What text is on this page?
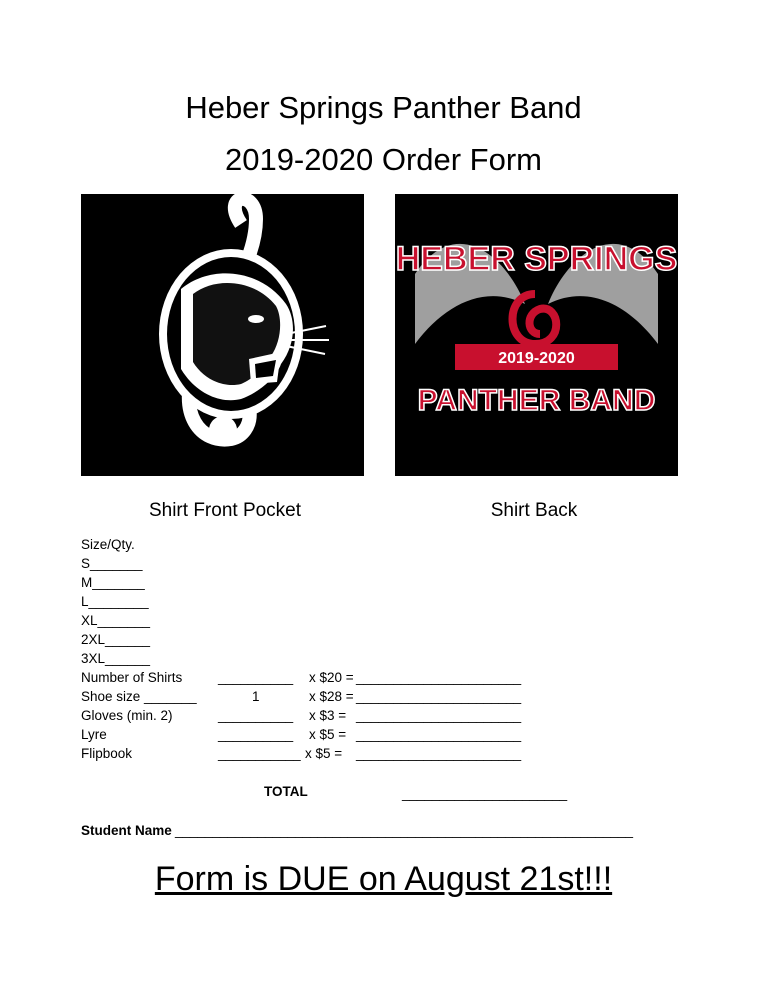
Heber Springs Panther Band
2019-2020 Order Form
HEBER SPRINGS
2019-2020
PANTHER BAND
Shirt Front Pocket	Shirt Back
Size/Qty.
S_______
M_______
L________
XL_______
2XL______
3XL______
Number of Shirts	__________ x $20 = ______________________
Shoe size _______	1	x $28 = ______________________
Gloves (min. 2)	__________ x $3 = ______________________
Lyre	__________ x $5 = ______________________
Flipbook	___________ x $5 = ______________________
TOTAL	______________________
Student Name _____________________________________________________________
Form is DUE on August 21st!!!
